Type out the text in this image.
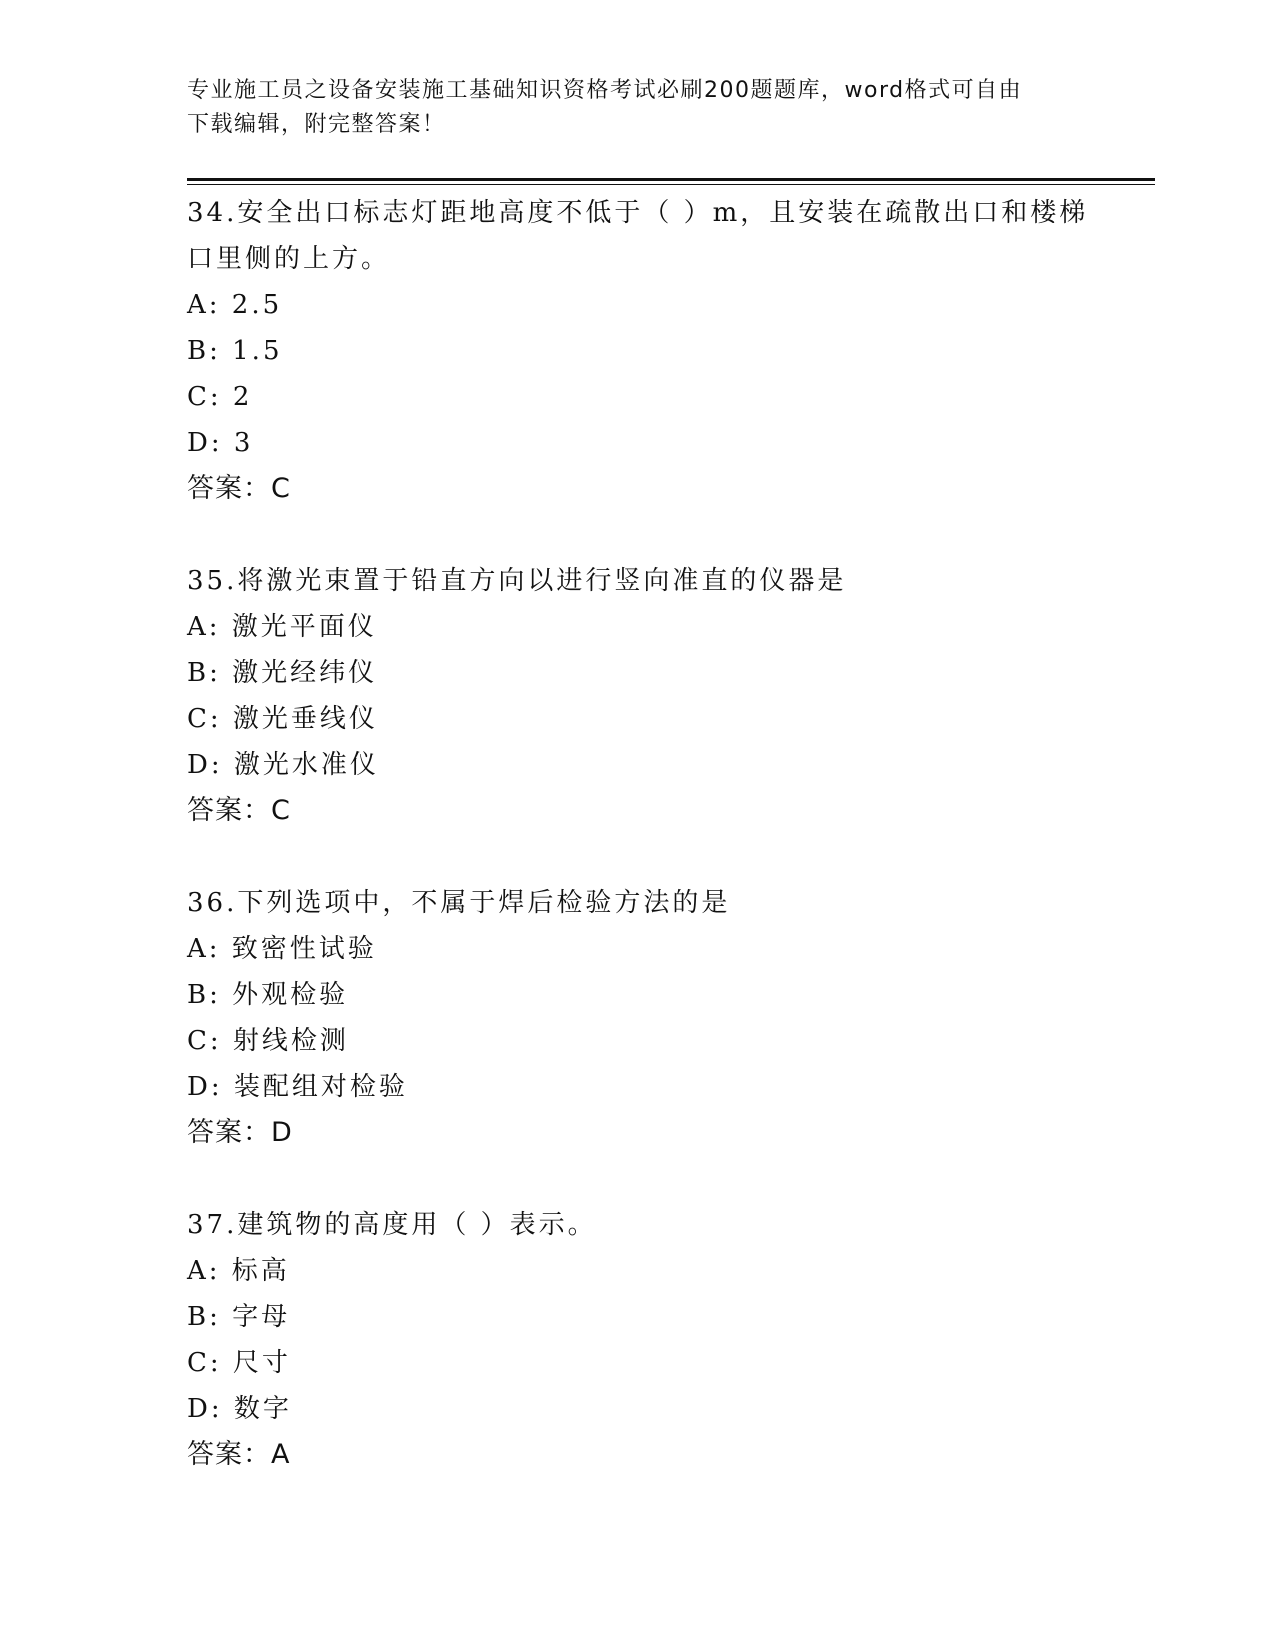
专业施工员之设备安装施工基础知识资格考试必刷200题题库，word格式可自由
下载编辑，附完整答案！
34.安全出口标志灯距地高度不低于（ ）m，且安装在疏散出口和楼梯
口里侧的上方。
A: 2.5
B: 1.5
C: 2
D: 3
答案：C
35.将激光束置于铅直方向以进行竖向准直的仪器是
A: 激光平面仪
B: 激光经纬仪
C: 激光垂线仪
D: 激光水准仪
答案：C
36.下列选项中，不属于焊后检验方法的是
A: 致密性试验
B: 外观检验
C: 射线检测
D: 装配组对检验
答案：D
37.建筑物的高度用（ ）表示。
A: 标高
B: 字母
C: 尺寸
D: 数字
答案：A
